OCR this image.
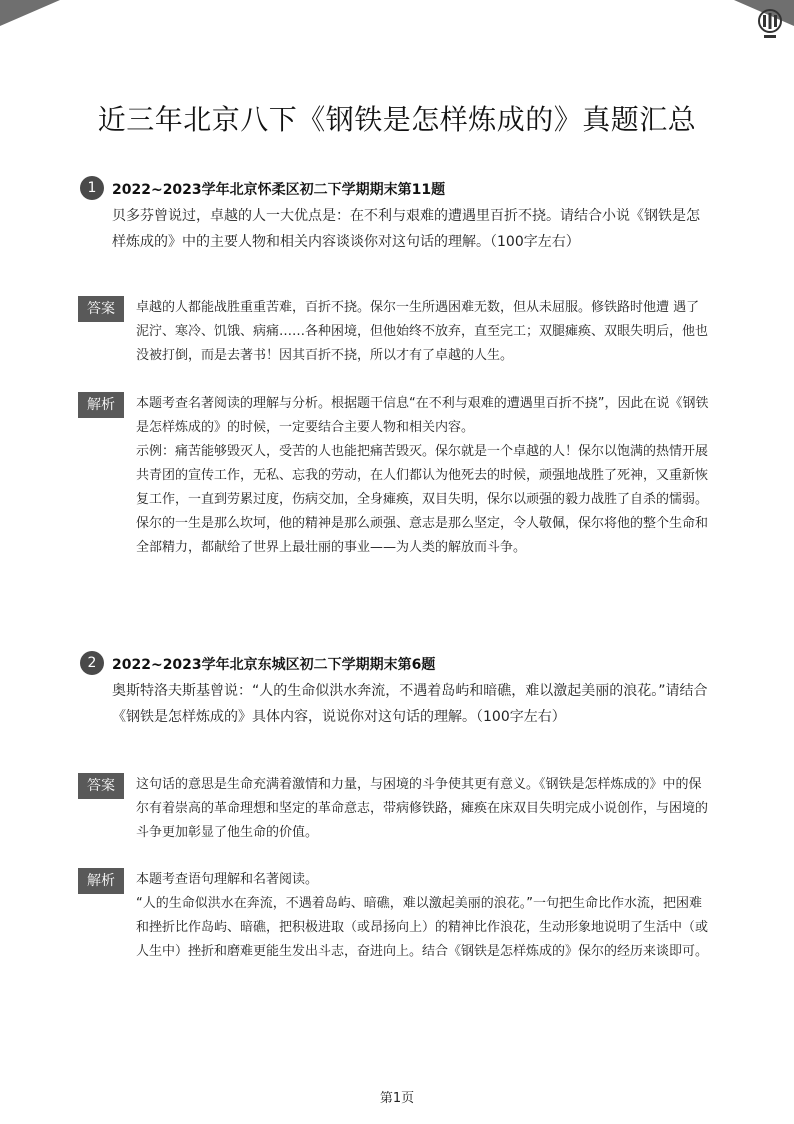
近三年北京八下《钢铁是怎样炼成的》真题汇总
1	2022~2023学年北京怀柔区初二下学期期末第11题
贝多芬曾说过，卓越的人一大优点是：在不利与艰难的遭遇里百折不挠。请结合小说《钢铁是怎样炼成的》中的主要人物和相关内容谈谈你对这句话的理解。（100字左右）
答案	卓越的人都能战胜重重苦难，百折不挠。保尔一生所遇困难无数，但从未屈服。修铁路时他遭 遇了泥泞、寒冷、饥饿、病痛……各种困境，但他始终不放弃，直至完工；双腿瘫痪、双眼失明后，他也没被打倒，而是去著书！因其百折不挠，所以才有了卓越的人生。

解析	本题考查名著阅读的理解与分析。根据题干信息“在不利与艰难的遭遇里百折不挠”，因此在说《钢铁是怎样炼成的》的时候，一定要结合主要人物和相关内容。

示例：痛苦能够毁灭人，受苦的人也能把痛苦毁灭。保尔就是一个卓越的人！保尔以饱满的热情开展共青团的宣传工作，无私、忘我的劳动，在人们都认为他死去的时候，顽强地战胜了死神，又重新恢复工作，一直到劳累过度，伤病交加，全身瘫痪，双目失明，保尔以顽强的毅力战胜了自杀的懦弱。保尔的一生是那么坎坷，他的精神是那么顽强、意志是那么坚定，令人敬佩，保尔将他的整个生命和全部精力，都献给了世界上最壮丽的事业——为人类的解放而斗争。

2	2022~2023学年北京东城区初二下学期期末第6题
奥斯特洛夫斯基曾说：“人的生命似洪水奔流，不遇着岛屿和暗礁，难以激起美丽的浪花。”请结合《钢铁是怎样炼成的》具体内容，说说你对这句话的理解。（100字左右）
答案	这句话的意思是生命充满着激情和力量，与困境的斗争使其更有意义。《钢铁是怎样炼成的》中的保尔有着崇高的革命理想和坚定的革命意志，带病修铁路，瘫痪在床双目失明完成小说创作，与困境的斗争更加彰显了他生命的价值。

解析	本题考查语句理解和名著阅读。

“人的生命似洪水在奔流，不遇着岛屿、暗礁，难以激起美丽的浪花。”一句把生命比作水流，把困难和挫折比作岛屿、暗礁，把积极进取（或昂扬向上）的精神比作浪花，生动形象地说明了生活中（或人生中）挫折和磨难更能生发出斗志，奋进向上。结合《钢铁是怎样炼成的》保尔的经历来谈即可。

第1页
